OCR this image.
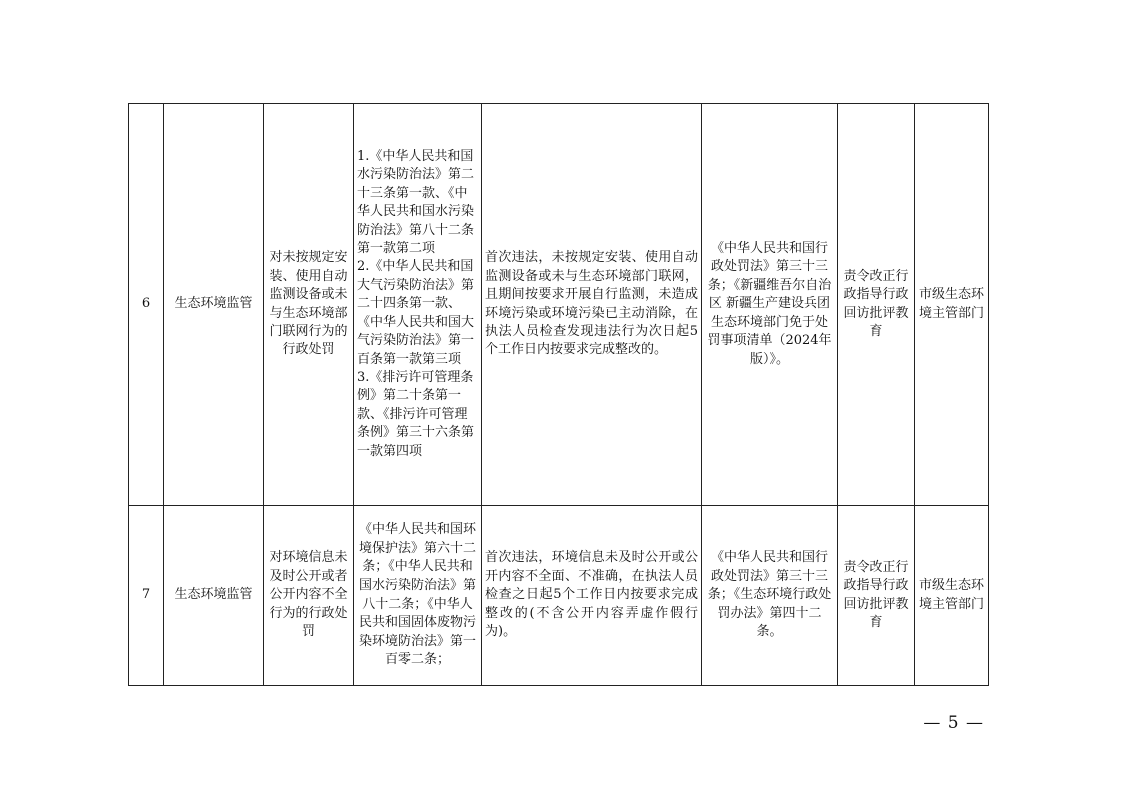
6	生态环境监管	对未按规定安装、使用自动监测设备或未与生态环境部门联网行为的行政处罚	1.《中华人民共和国水污染防治法》第二十三条第一款、《中华人民共和国水污染防治法》第八十二条第一款第二项
2.《中华人民共和国大气污染防治法》第二十四条第一款、《中华人民共和国大气污染防治法》第一百条第一款第三项
3.《排污许可管理条例》第二十条第一款、《排污许可管理条例》第三十六条第一款第四项	首次违法，未按规定安装、使用自动监测设备或未与生态环境部门联网，且期间按要求开展自行监测，未造成环境污染或环境污染已主动消除，在执法人员检查发现违法行为次日起5个工作日内按要求完成整改的。	《中华人民共和国行政处罚法》第三十三条；《新疆维吾尔自治区 新疆生产建设兵团生态环境部门免于处罚事项清单（2024年版）》。	责令改正行政指导行政回访批评教育	市级生态环境主管部门
7	生态环境监管	对环境信息未及时公开或者公开内容不全行为的行政处罚	《中华人民共和国环境保护法》第六十二条；《中华人民共和国水污染防治法》第八十二条；《中华人民共和国固体废物污染环境防治法》第一百零二条；	首次违法，环境信息未及时公开或公开内容不全面、不准确，在执法人员检查之日起5个工作日内按要求完成整改的(不含公开内容弄虚作假行为)。	《中华人民共和国行政处罚法》第三十三条；《生态环境行政处罚办法》第四十二条。	责令改正行政指导行政回访批评教育	市级生态环境主管部门
— 5 —
